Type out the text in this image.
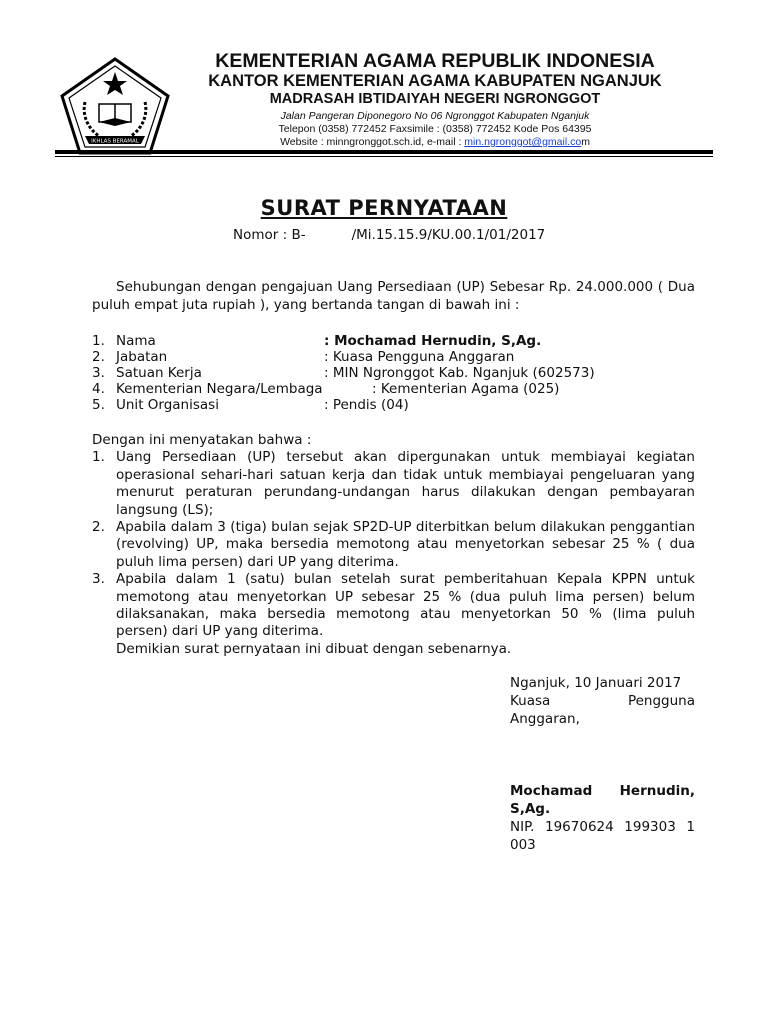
IKHLAS BERAMAL
KEMENTERIAN AGAMA REPUBLIK INDONESIA
KANTOR KEMENTERIAN AGAMA KABUPATEN NGANJUK
MADRASAH IBTIDAIYAH NEGERI NGRONGGOT
Jalan Pangeran Diponegoro No 06 Ngronggot Kabupaten Nganjuk
Telepon (0358) 772452 Faxsimile : (0358) 772452 Kode Pos 64395
Website : minngronggot.sch.id, e-mail : min.ngronggot@gmail.com
SURAT PERNYATAAN
Nomor : B-	/Mi.15.15.9/KU.00.1/01/2017
Sehubungan dengan pengajuan Uang Persediaan (UP) Sebesar Rp. 24.000.000 ( Dua puluh empat juta rupiah ), yang bertanda tangan di bawah ini :
1. Nama	: Mochamad Hernudin, S,Ag.
2. Jabatan	: Kuasa Pengguna Anggaran
3. Satuan Kerja	: MIN Ngronggot Kab. Nganjuk (602573)
4. Kementerian Negara/Lembaga	: Kementerian Agama (025)
5. Unit Organisasi	: Pendis (04)
Dengan ini menyatakan bahwa :
1. Uang Persediaan (UP) tersebut akan dipergunakan untuk membiayai kegiatan operasional sehari-hari satuan kerja dan tidak untuk membiayai pengeluaran yang menurut peraturan perundang-undangan harus dilakukan dengan pembayaran langsung (LS);
2. Apabila dalam 3 (tiga) bulan sejak SP2D-UP diterbitkan belum dilakukan penggantian (revolving) UP, maka bersedia memotong atau menyetorkan sebesar 25 % ( dua puluh lima persen) dari UP yang diterima.
3. Apabila dalam 1 (satu) bulan setelah surat pemberitahuan Kepala KPPN untuk memotong atau menyetorkan UP sebesar 25 % (dua puluh lima persen) belum dilaksanakan, maka bersedia memotong atau menyetorkan 50 % (lima puluh persen) dari UP yang diterima.
Demikian surat pernyataan ini dibuat dengan sebenarnya.
Nganjuk, 10 Januari 2017
Kuasa Pengguna
Anggaran,
Mochamad Hernudin,
S,Ag.
NIP. 19670624 199303 1
003
